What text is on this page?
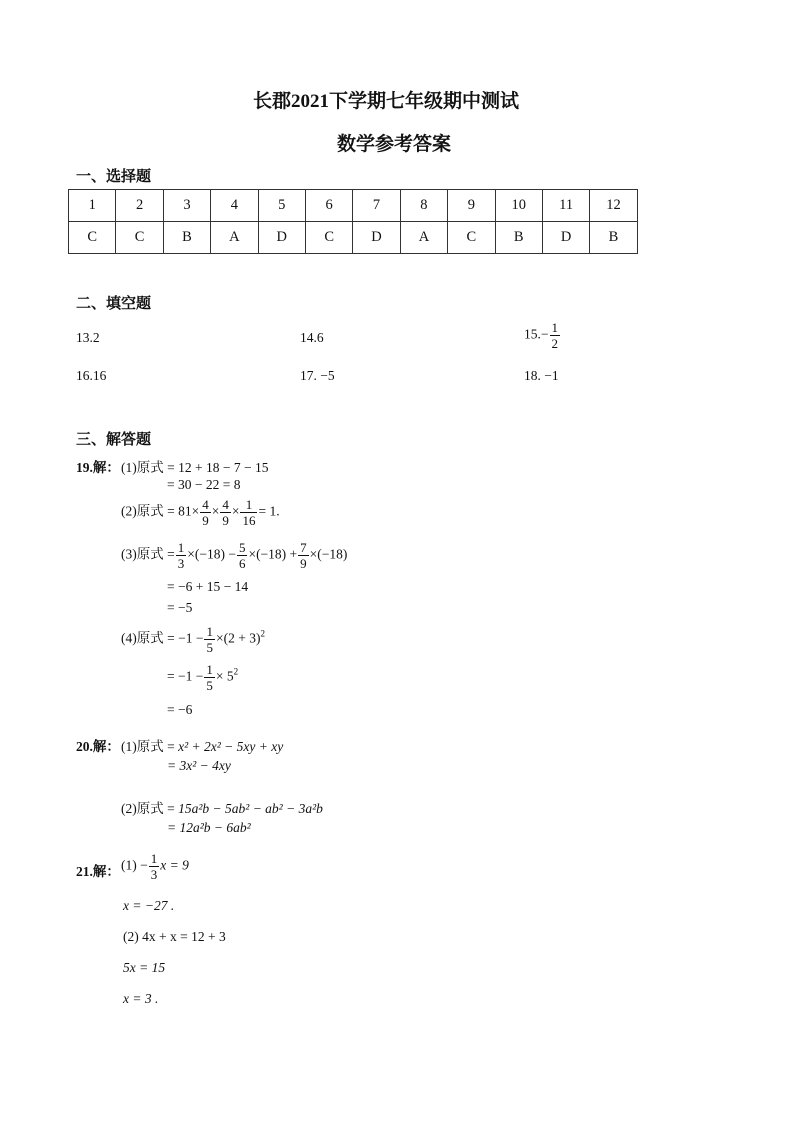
长郡2021下学期七年级期中测试
数学参考答案
一、选择题
1	2	3	4	5	6	7	8	9	10	11	12
C	C	B	A	D	C	D	A	C	B	D	B
二、填空题
13.2	14.6	$15.- \frac{1}{2}$
16.16	17. −5	18. −1
三、解答题
19.解： (1)原式 = 12 + 18 − 7 − 15
= 30 − 22 = 8
(2)原式 = $81\times \frac{4}{9} \times \frac{4}{9} \times \frac{1}{16} = 1$.
(3)原式 = $\frac{1}{3} \times(-18) - \frac{5}{6} \times(-18) + \frac{7}{9} \times(-18)$
= −6 + 15 − 14
= −5
(4)原式 = $-1 - \frac{1}{5} \times(2 + 3)^2$
= $-1 - \frac{1}{5} \times 5^2$
= −6
20.解： (1)原式 = x² + 2x² − 5xy + xy
= 3x² − 4xy
(2)原式 = 15a²b − 5ab² − ab² − 3a²b
= 12a²b − 6ab²
21.解： $(1) - \frac{1}{3}$ x = 9
x = −27 .
(2) 4x + x = 12 + 3
5x = 15
x = 3 .
